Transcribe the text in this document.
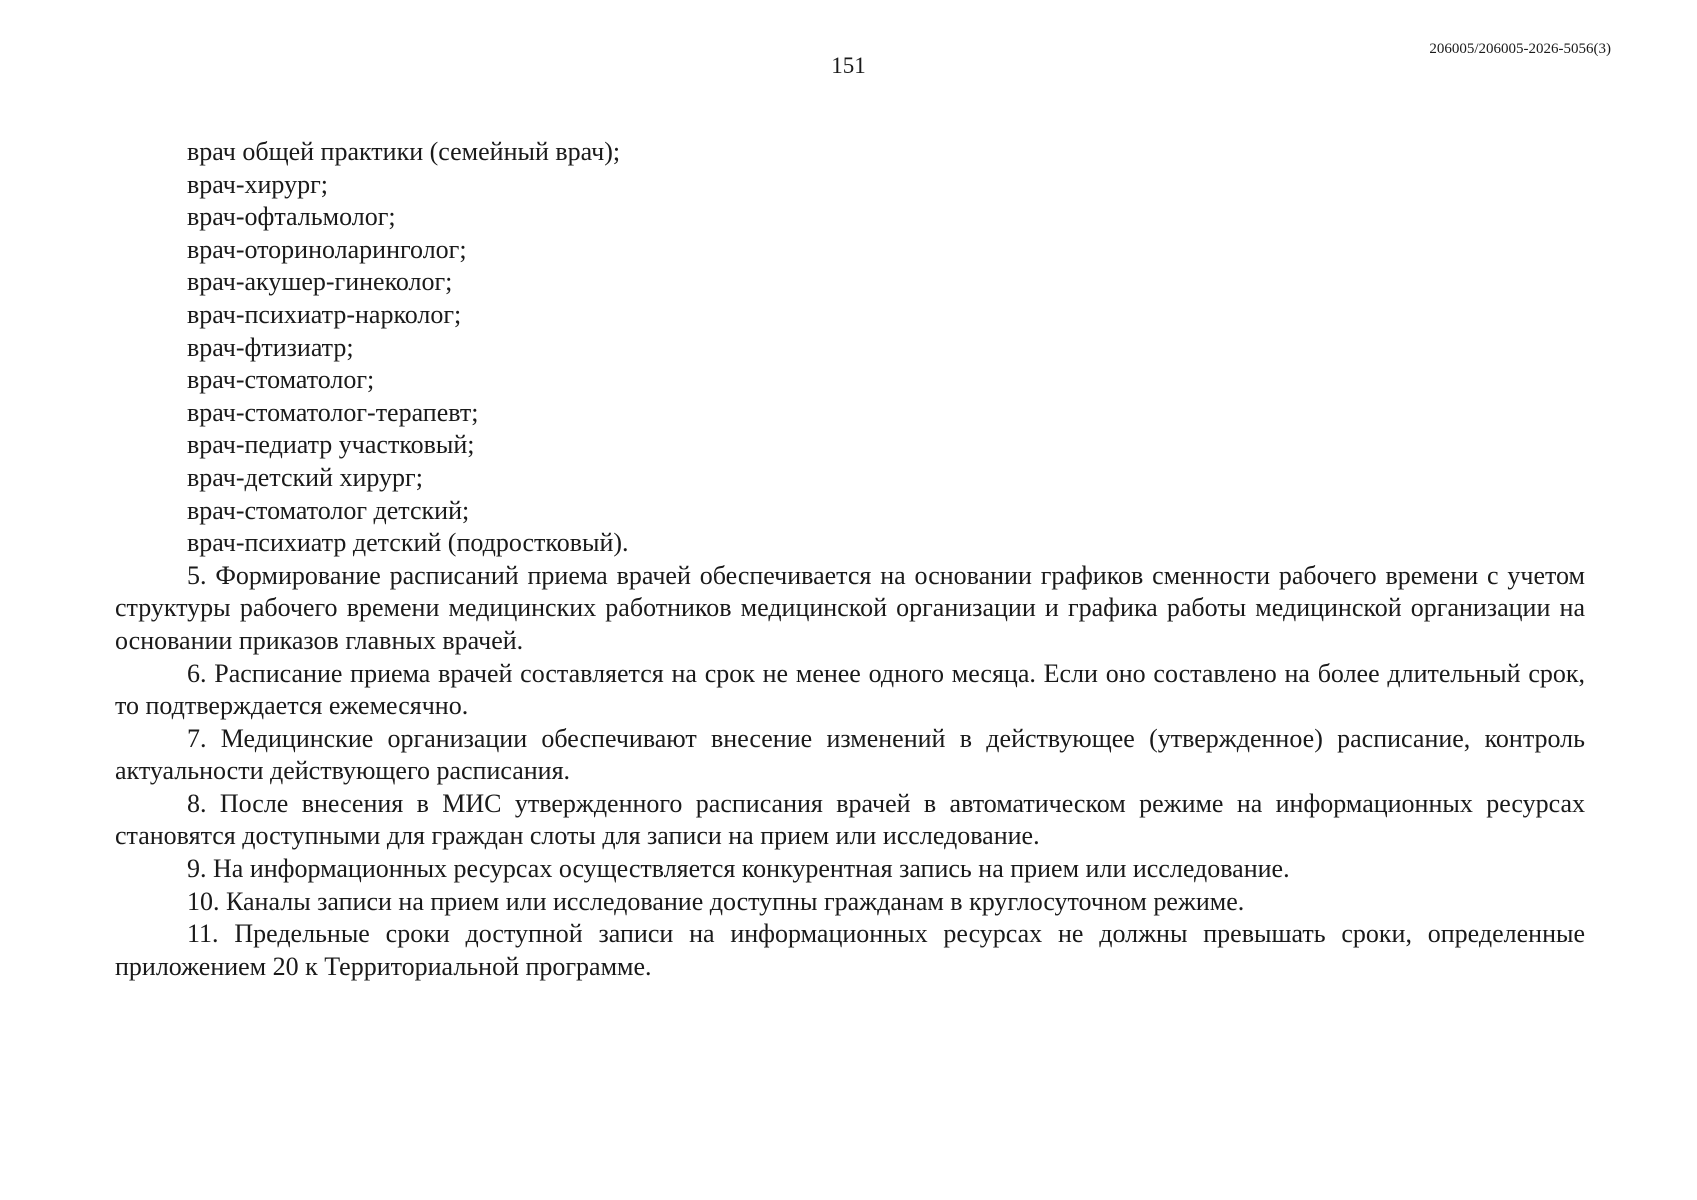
151
206005/206005-2026-5056(3)

врач общей практики (семейный врач);

врач-хирург;

врач-офтальмолог;

врач-оториноларинголог;

врач-акушер-гинеколог;

врач-психиатр-нарколог;

врач-фтизиатр;

врач-стоматолог;

врач-стоматолог-терапевт;

врач-педиатр участковый;

врач-детский хирург;

врач-стоматолог детский;

врач-психиатр детский (подростковый).

5. Формирование расписаний приема врачей обеспечивается на основании графиков сменности рабочего времени с учетом структуры рабочего времени медицинских работников медицинской организации и графика работы медицинской организации на основании приказов главных врачей.

6. Расписание приема врачей составляется на срок не менее одного месяца. Если оно составлено на более длительный срок, то подтверждается ежемесячно.

7. Медицинские организации обеспечивают внесение изменений в действующее (утвержденное) расписание, контроль актуальности действующего расписания.

8. После внесения в МИС утвержденного расписания врачей в автоматическом режиме на информационных ресурсах становятся доступными для граждан слоты для записи на прием или исследование.

9. На информационных ресурсах осуществляется конкурентная запись на прием или исследование.

10. Каналы записи на прием или исследование доступны гражданам в круглосуточном режиме.

11. Предельные сроки доступной записи на информационных ресурсах не должны превышать сроки, определенные приложением 20 к Территориальной программе.
